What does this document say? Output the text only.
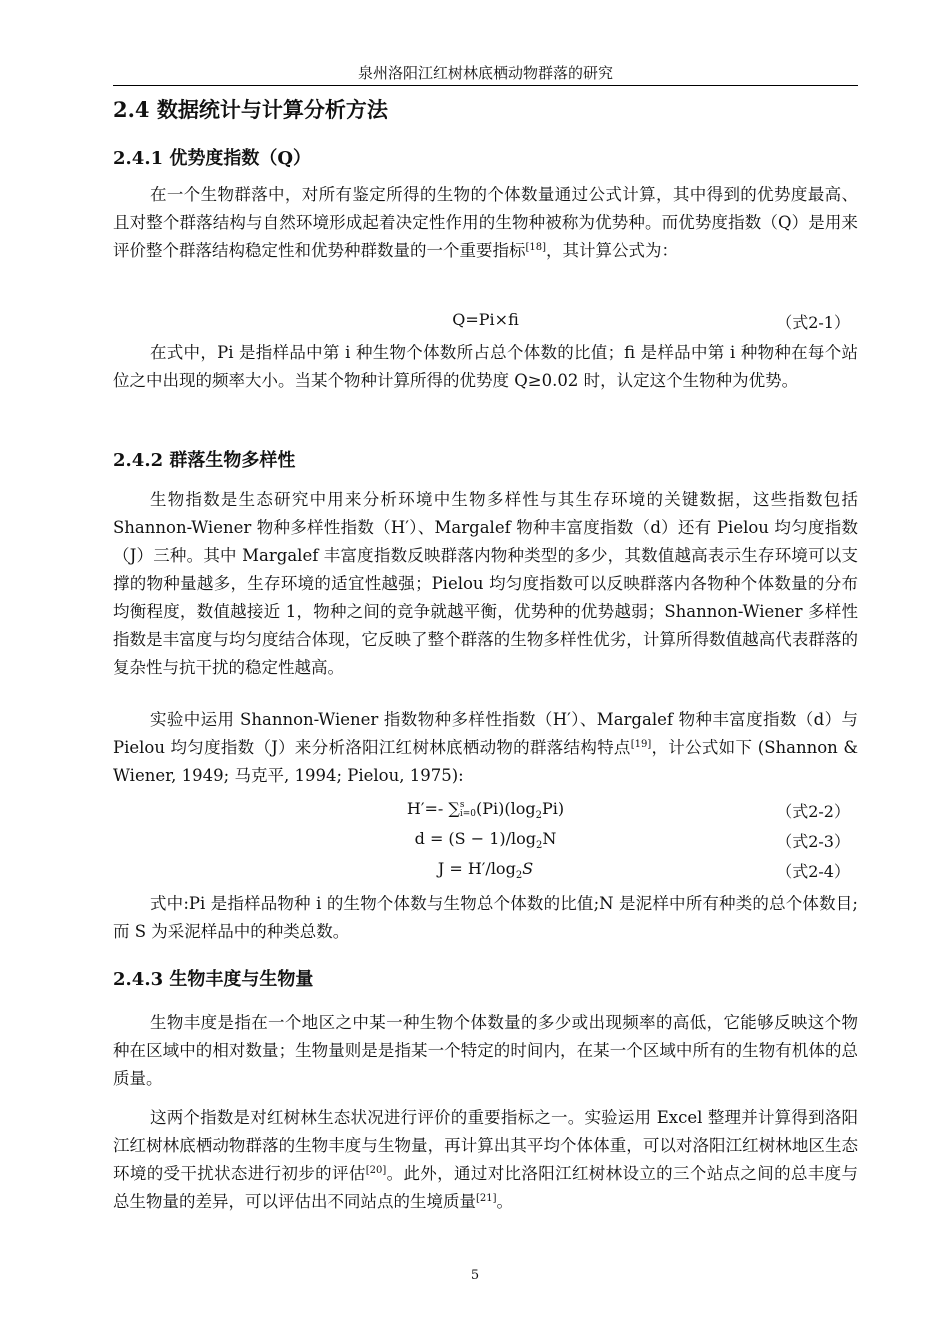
泉州洛阳江红树林底栖动物群落的研究
2.4 数据统计与计算分析方法
2.4.1 优势度指数（Q）

在一个生物群落中，对所有鉴定所得的生物的个体数量通过公式计算，其中得到的优势度最高、且对整个群落结构与自然环境形成起着决定性作用的生物种被称为优势种。而优势度指数（Q）是用来评价整个群落结构稳定性和优势种群数量的一个重要指标[18]，其计算公式为：

Q=Pi×fi	（式2-1）

在式中，Pi 是指样品中第 i 种生物个体数所占总个体数的比值；fi 是样品中第 i 种物种在每个站位之中出现的频率大小。当某个物种计算所得的优势度 Q≥0.02 时，认定这个生物种为优势。

2.4.2 群落生物多样性

生物指数是生态研究中用来分析环境中生物多样性与其生存环境的关键数据，这些指数包括 Shannon-Wiener 物种多样性指数（H′）、Margalef 物种丰富度指数（d）还有 Pielou 均匀度指数（J）三种。其中 Margalef 丰富度指数反映群落内物种类型的多少，其数值越高表示生存环境可以支撑的物种量越多，生存环境的适宜性越强；Pielou 均匀度指数可以反映群落内各物种个体数量的分布均衡程度，数值越接近 1，物种之间的竞争就越平衡，优势种的优势越弱；Shannon-Wiener 多样性指数是丰富度与均匀度结合体现，它反映了整个群落的生物多样性优劣，计算所得数值越高代表群落的复杂性与抗干扰的稳定性越高。

实验中运用 Shannon-Wiener 指数物种多样性指数（H′）、Margalef 物种丰富度指数（d）与 Pielou 均匀度指数（J）来分析洛阳江红树林底栖动物的群落结构特点[19]，计公式如下 (Shannon & Wiener, 1949; 马克平, 1994; Pielou, 1975):

H′=- ∑ s
i=0 $(Pi)(\log_2Pi)$	（式2-2）
$d = (S - 1)/\log_2N$	（式2-3）
$J = H'/\log_2S$	（式2-4）

式中:Pi 是指样品物种 i 的生物个体数与生物总个体数的比值;N 是泥样中所有种类的总个体数目;而 S 为采泥样品中的种类总数。

2.4.3 生物丰度与生物量

生物丰度是指在一个地区之中某一种生物个体数量的多少或出现频率的高低，它能够反映这个物种在区域中的相对数量；生物量则是是指某一个特定的时间内，在某一个区域中所有的生物有机体的总质量。

这两个指数是对红树林生态状况进行评价的重要指标之一。实验运用 Excel 整理并计算得到洛阳江红树林底栖动物群落的生物丰度与生物量，再计算出其平均个体体重，可以对洛阳江红树林地区生态环境的受干扰状态进行初步的评估[20]。此外，通过对比洛阳江红树林设立的三个站点之间的总丰度与总生物量的差异，可以评估出不同站点的生境质量[21]。

5
